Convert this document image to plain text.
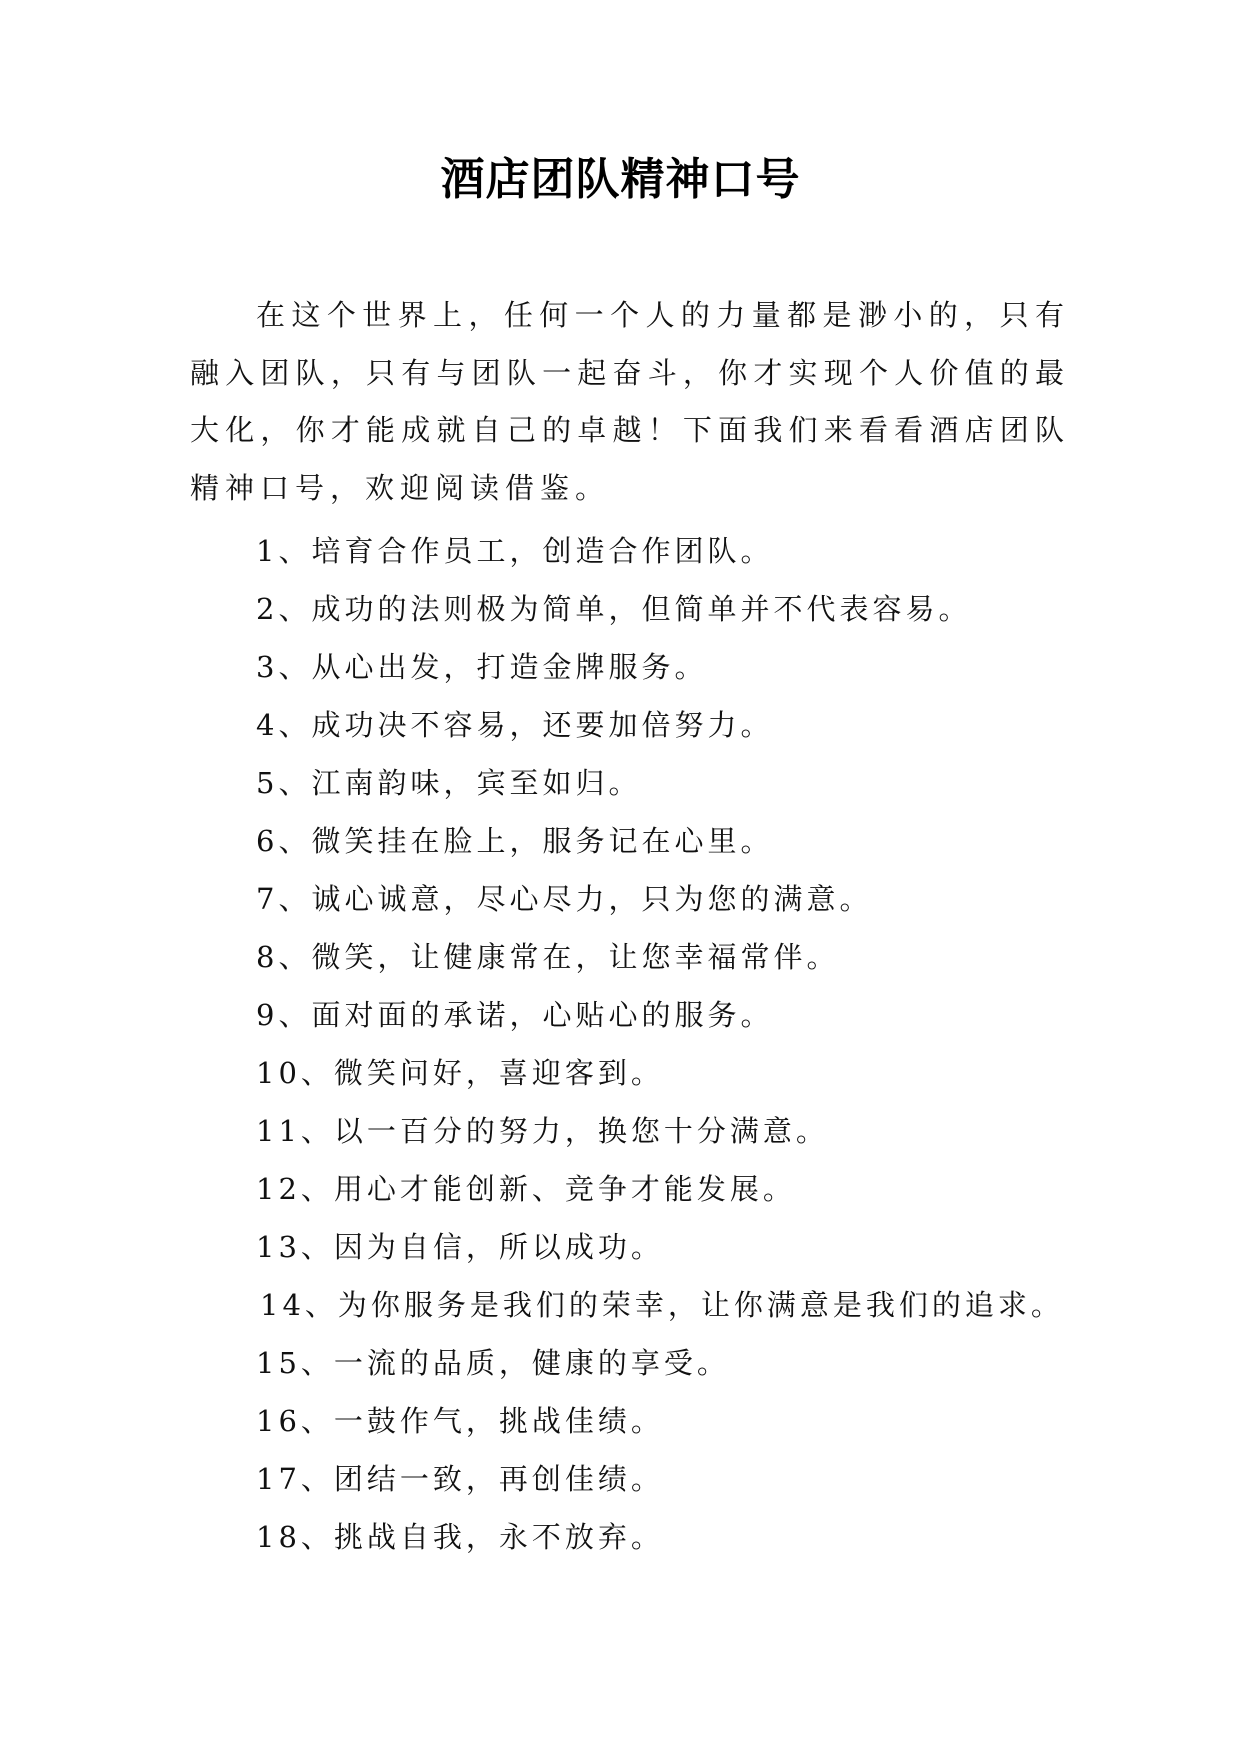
酒店团队精神口号

在这个世界上，任何一个人的力量都是渺小的，只有融入团队，只有与团队一起奋斗，你才实现个人价值的最大化，你才能成就自己的卓越！下面我们来看看酒店团队精神口号，欢迎阅读借鉴。

1、培育合作员工，创造合作团队。
2、成功的法则极为简单，但简单并不代表容易。
3、从心出发，打造金牌服务。
4、成功决不容易，还要加倍努力。
5、江南韵味，宾至如归。
6、微笑挂在脸上，服务记在心里。
7、诚心诚意，尽心尽力，只为您的满意。
8、微笑，让健康常在，让您幸福常伴。
9、面对面的承诺，心贴心的服务。
10、微笑问好，喜迎客到。
11、以一百分的努力，换您十分满意。
12、用心才能创新、竞争才能发展。
13、因为自信，所以成功。
14、为你服务是我们的荣幸，让你满意是我们的追求。
15、一流的品质，健康的享受。
16、一鼓作气，挑战佳绩。
17、团结一致，再创佳绩。
18、挑战自我，永不放弃。
